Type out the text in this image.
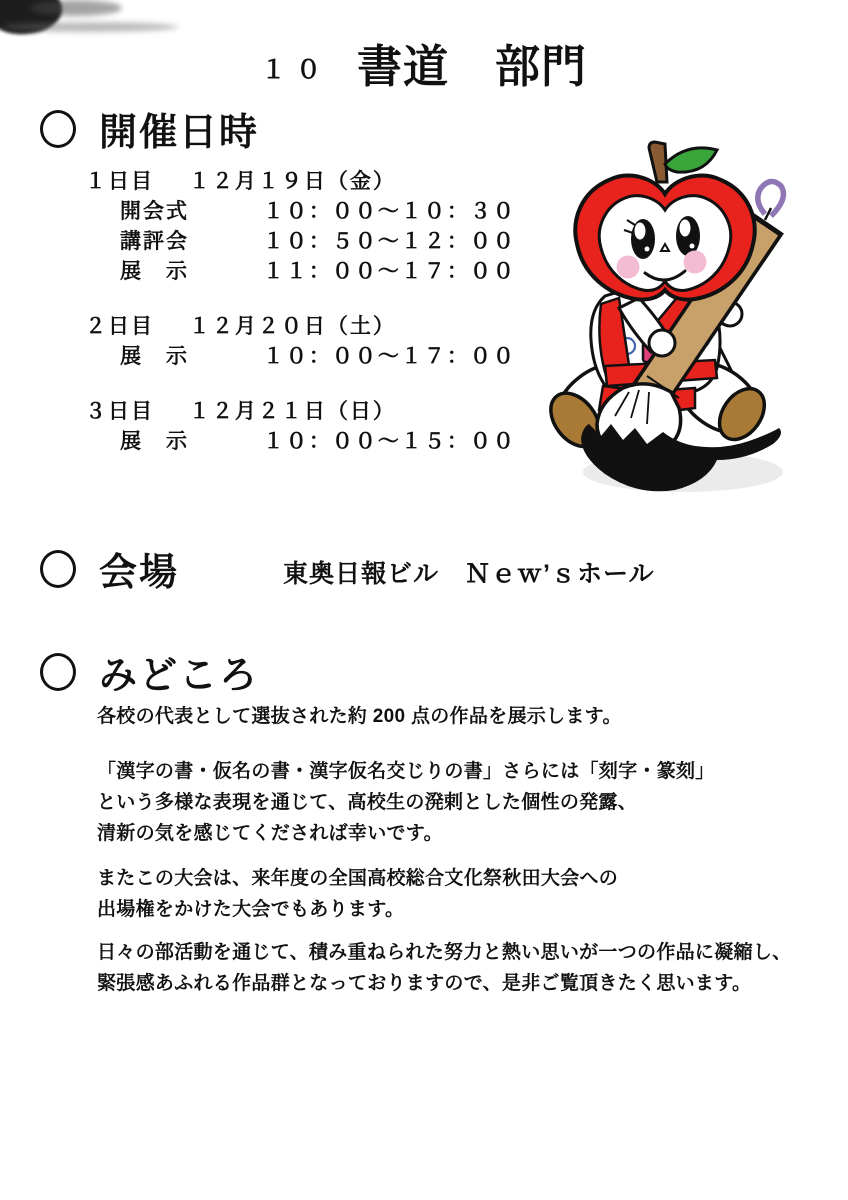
１０ 書道　部門
開催日時
１日目 １２月１９日（金）
開会式	１０：００～１０：３０
講評会	１０：５０～１２：００
展　示	１１：００～１７：００
２日目 １２月２０日（土）
展　示	１０：００～１７：００
３日目 １２月２１日（日）
展　示	１０：００～１５：００
会場	東奥日報ビル　Ｎｅｗ’ｓホール
みどころ

各校の代表として選抜された約 200 点の作品を展示します。

「漢字の書・仮名の書・漢字仮名交じりの書」さらには「刻字・篆刻」
という多様な表現を通じて、高校生の溌剌とした個性の発露、
清新の気を感じてくだされば幸いです。

またこの大会は、来年度の全国高校総合文化祭秋田大会への
出場権をかけた大会でもあります。

日々の部活動を通じて、積み重ねられた努力と熱い思いが一つの作品に凝縮し、
緊張感あふれる作品群となっておりますので、是非ご覧頂きたく思います。
